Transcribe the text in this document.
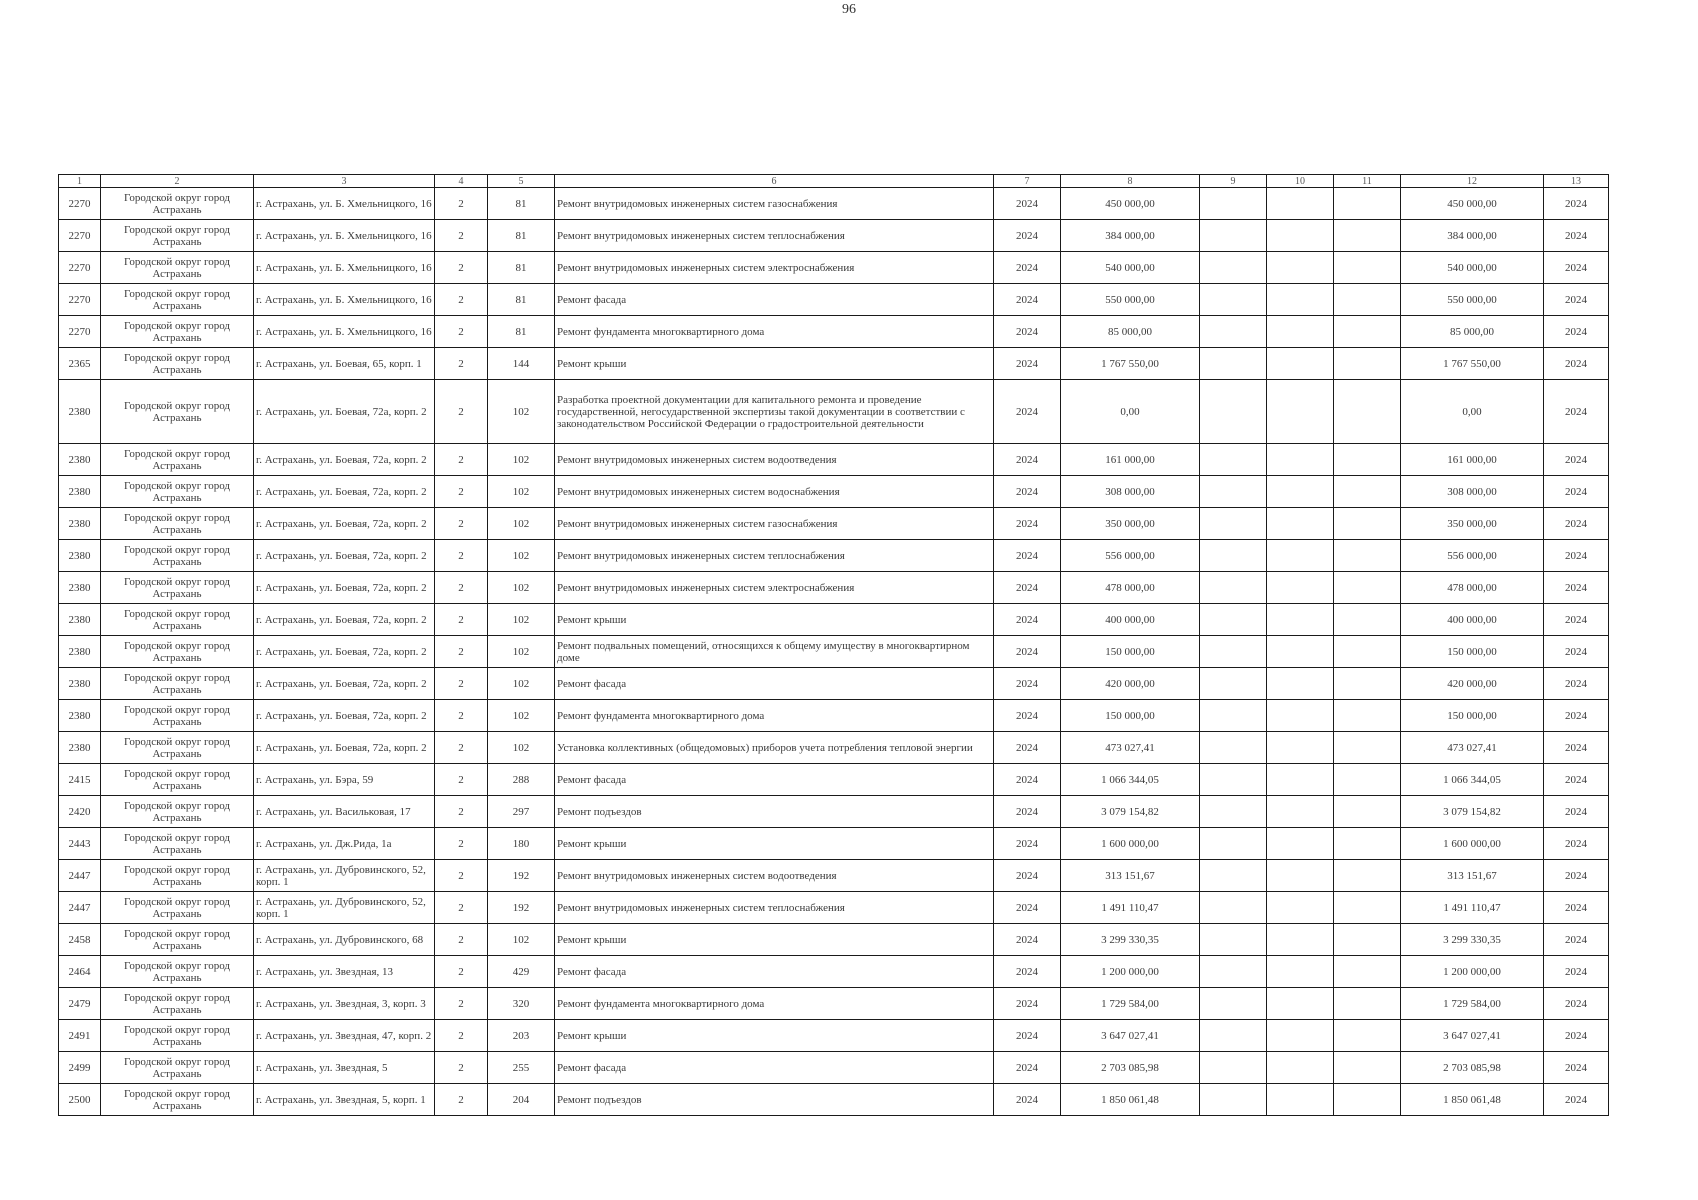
96
1	2	3	4	5	6	7	8	9	10	11	12	13
2270	Городской округ город Астрахань	г. Астрахань, ул. Б. Хмельницкого, 16	2	81	Ремонт внутридомовых инженерных систем газоснабжения	2024	450 000,00				450 000,00	2024
2270	Городской округ город Астрахань	г. Астрахань, ул. Б. Хмельницкого, 16	2	81	Ремонт внутридомовых инженерных систем теплоснабжения	2024	384 000,00				384 000,00	2024
2270	Городской округ город Астрахань	г. Астрахань, ул. Б. Хмельницкого, 16	2	81	Ремонт внутридомовых инженерных систем электроснабжения	2024	540 000,00				540 000,00	2024
2270	Городской округ город Астрахань	г. Астрахань, ул. Б. Хмельницкого, 16	2	81	Ремонт фасада	2024	550 000,00				550 000,00	2024
2270	Городской округ город Астрахань	г. Астрахань, ул. Б. Хмельницкого, 16	2	81	Ремонт фундамента многоквартирного дома	2024	85 000,00				85 000,00	2024
2365	Городской округ город Астрахань	г. Астрахань, ул. Боевая, 65, корп. 1	2	144	Ремонт крыши	2024	1 767 550,00				1 767 550,00	2024
2380	Городской округ город Астрахань	г. Астрахань, ул. Боевая, 72а, корп. 2	2	102	Разработка проектной документации для капитального ремонта и проведение государственной, негосударственной экспертизы такой документации в соответствии с законодательством Российской Федерации о градостроительной деятельности	2024	0,00				0,00	2024
2380	Городской округ город Астрахань	г. Астрахань, ул. Боевая, 72а, корп. 2	2	102	Ремонт внутридомовых инженерных систем водоотведения	2024	161 000,00				161 000,00	2024
2380	Городской округ город Астрахань	г. Астрахань, ул. Боевая, 72а, корп. 2	2	102	Ремонт внутридомовых инженерных систем водоснабжения	2024	308 000,00				308 000,00	2024
2380	Городской округ город Астрахань	г. Астрахань, ул. Боевая, 72а, корп. 2	2	102	Ремонт внутридомовых инженерных систем газоснабжения	2024	350 000,00				350 000,00	2024
2380	Городской округ город Астрахань	г. Астрахань, ул. Боевая, 72а, корп. 2	2	102	Ремонт внутридомовых инженерных систем теплоснабжения	2024	556 000,00				556 000,00	2024
2380	Городской округ город Астрахань	г. Астрахань, ул. Боевая, 72а, корп. 2	2	102	Ремонт внутридомовых инженерных систем электроснабжения	2024	478 000,00				478 000,00	2024
2380	Городской округ город Астрахань	г. Астрахань, ул. Боевая, 72а, корп. 2	2	102	Ремонт крыши	2024	400 000,00				400 000,00	2024
2380	Городской округ город Астрахань	г. Астрахань, ул. Боевая, 72а, корп. 2	2	102	Ремонт подвальных помещений, относящихся к общему имуществу в многоквартирном доме	2024	150 000,00				150 000,00	2024
2380	Городской округ город Астрахань	г. Астрахань, ул. Боевая, 72а, корп. 2	2	102	Ремонт фасада	2024	420 000,00				420 000,00	2024
2380	Городской округ город Астрахань	г. Астрахань, ул. Боевая, 72а, корп. 2	2	102	Ремонт фундамента многоквартирного дома	2024	150 000,00				150 000,00	2024
2380	Городской округ город Астрахань	г. Астрахань, ул. Боевая, 72а, корп. 2	2	102	Установка коллективных (общедомовых) приборов учета потребления тепловой энергии	2024	473 027,41				473 027,41	2024
2415	Городской округ город Астрахань	г. Астрахань, ул. Бэра, 59	2	288	Ремонт фасада	2024	1 066 344,05				1 066 344,05	2024
2420	Городской округ город Астрахань	г. Астрахань, ул. Васильковая, 17	2	297	Ремонт подъездов	2024	3 079 154,82				3 079 154,82	2024
2443	Городской округ город Астрахань	г. Астрахань, ул. Дж.Рида, 1а	2	180	Ремонт крыши	2024	1 600 000,00				1 600 000,00	2024
2447	Городской округ город Астрахань	г. Астрахань, ул. Дубровинского, 52, корп. 1	2	192	Ремонт внутридомовых инженерных систем водоотведения	2024	313 151,67				313 151,67	2024
2447	Городской округ город Астрахань	г. Астрахань, ул. Дубровинского, 52, корп. 1	2	192	Ремонт внутридомовых инженерных систем теплоснабжения	2024	1 491 110,47				1 491 110,47	2024
2458	Городской округ город Астрахань	г. Астрахань, ул. Дубровинского, 68	2	102	Ремонт крыши	2024	3 299 330,35				3 299 330,35	2024
2464	Городской округ город Астрахань	г. Астрахань, ул. Звездная, 13	2	429	Ремонт фасада	2024	1 200 000,00				1 200 000,00	2024
2479	Городской округ город Астрахань	г. Астрахань, ул. Звездная, 3, корп. 3	2	320	Ремонт фундамента многоквартирного дома	2024	1 729 584,00				1 729 584,00	2024
2491	Городской округ город Астрахань	г. Астрахань, ул. Звездная, 47, корп. 2	2	203	Ремонт крыши	2024	3 647 027,41				3 647 027,41	2024
2499	Городской округ город Астрахань	г. Астрахань, ул. Звездная, 5	2	255	Ремонт фасада	2024	2 703 085,98				2 703 085,98	2024
2500	Городской округ город Астрахань	г. Астрахань, ул. Звездная, 5, корп. 1	2	204	Ремонт подъездов	2024	1 850 061,48				1 850 061,48	2024
